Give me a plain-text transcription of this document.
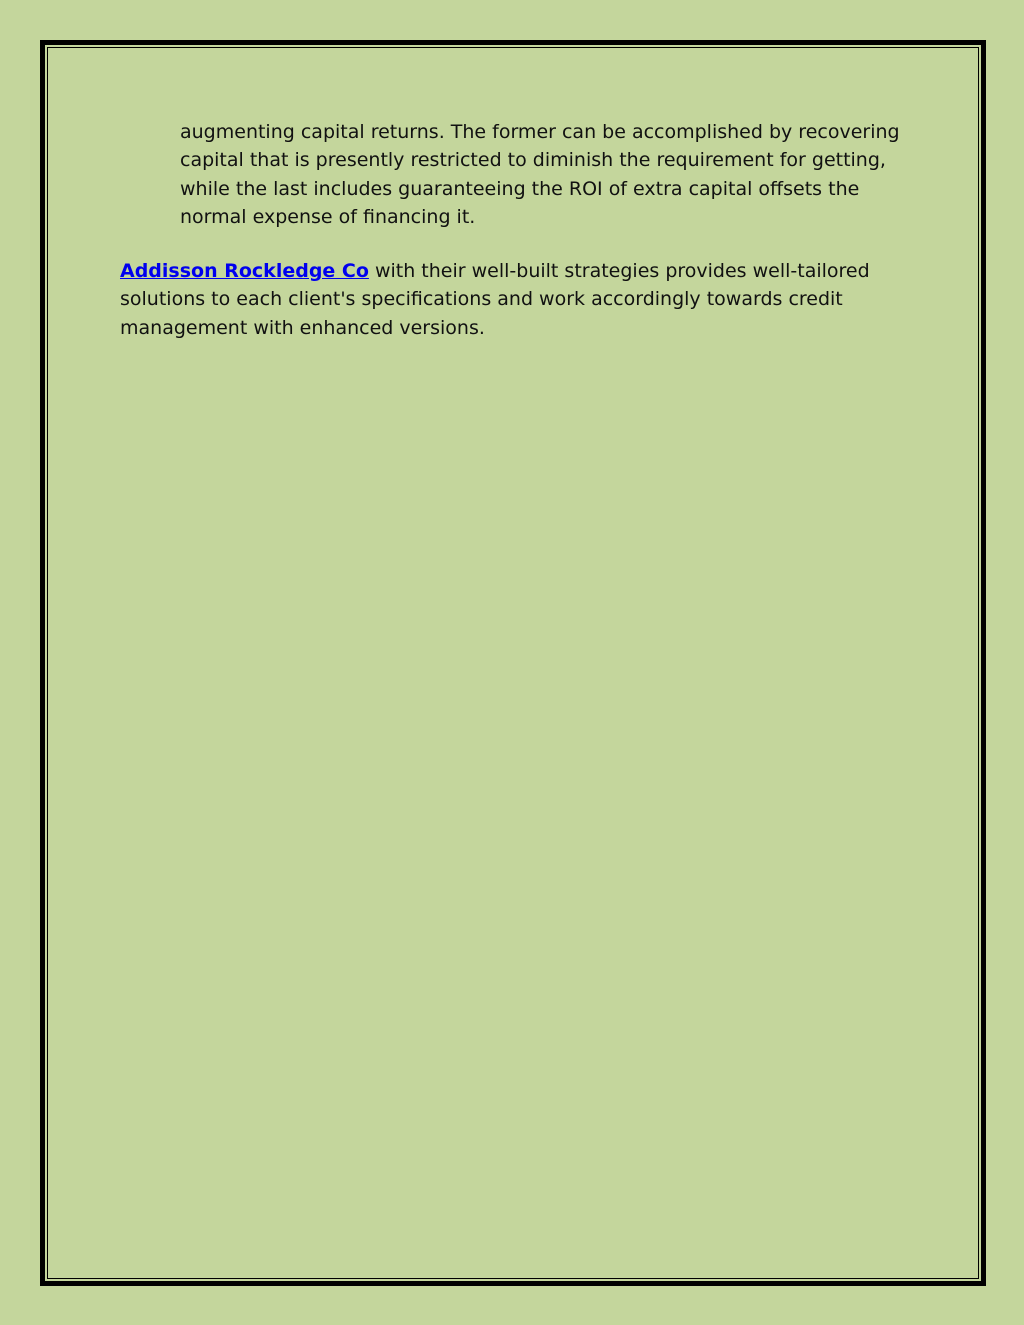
augmenting capital returns. The former can be accomplished by recovering capital that is presently restricted to diminish the requirement for getting, while the last includes guaranteeing the ROI of extra capital offsets the normal expense of financing it.

Addisson Rockledge Co with their well-built strategies provides well-tailored solutions to each client's specifications and work accordingly towards credit management with enhanced versions.
